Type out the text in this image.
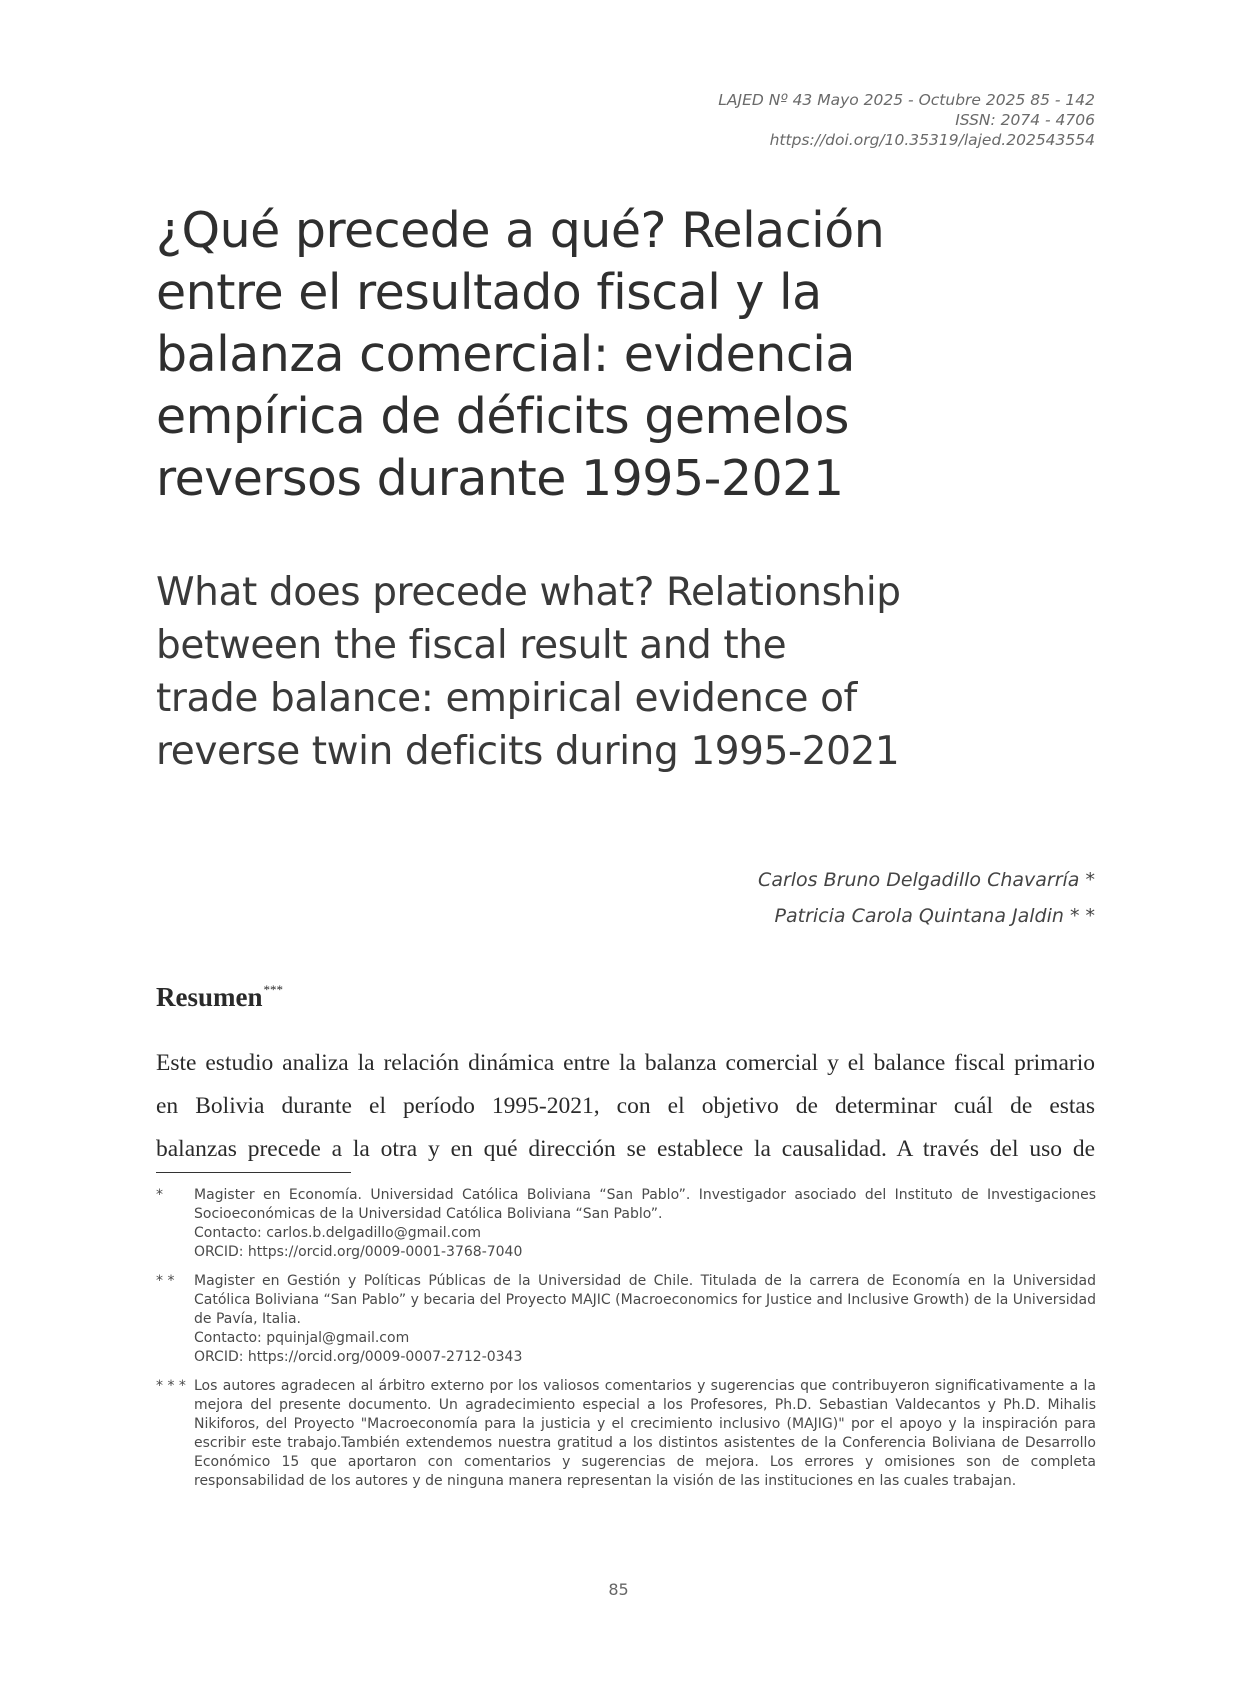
LAJED Nº 43 Mayo 2025 - Octubre 2025 85 - 142
ISSN: 2074 - 4706
https://doi.org/10.35319/lajed.202543554
¿Qué precede a qué? Relación
entre el resultado fiscal y la
balanza comercial: evidencia
empírica de déficits gemelos
reversos durante 1995-2021
What does precede what? Relationship
between the fiscal result and the
trade balance: empirical evidence of
reverse twin deficits during 1995-2021
Carlos Bruno Delgadillo Chavarría *
Patricia Carola Quintana Jaldin * *
Resumen***
Este estudio analiza la relación dinámica entre la balanza comercial y el balance fiscal primario
en Bolivia durante el período 1995-2021, con el objetivo de determinar cuál de estas
balanzas precede a la otra y en qué dirección se establece la causalidad. A través del uso de
*	Magister en Economía. Universidad Católica Boliviana “San Pablo”. Investigador asociado del Instituto de Investigaciones Socioeconómicas de la Universidad Católica Boliviana “San Pablo”.

Contacto: carlos.b.delgadillo@gmail.com

ORCID: https://orcid.org/0009-0001-3768-7040

* *	Magister en Gestión y Políticas Públicas de la Universidad de Chile. Titulada de la carrera de Economía en la Universidad Católica Boliviana “San Pablo” y becaria del Proyecto MAJIC (Macroeconomics for Justice and Inclusive Growth) de la Universidad de Pavía, Italia.

Contacto: pquinjal@gmail.com

ORCID: https://orcid.org/0009-0007-2712-0343

* * * Los autores agradecen al árbitro externo por los valiosos comentarios y sugerencias que contribuyeron significativamente a la mejora del presente documento. Un agradecimiento especial a los Profesores, Ph.D. Sebastian Valdecantos y Ph.D. Mihalis Nikiforos, del Proyecto "Macroeconomía para la justicia y el crecimiento inclusivo (MAJIG)" por el apoyo y la inspiración para escribir este trabajo.También extendemos nuestra gratitud a los distintos asistentes de la Conferencia Boliviana de Desarrollo Económico 15 que aportaron con comentarios y sugerencias de mejora. Los errores y omisiones son de completa responsabilidad de los autores y de ninguna manera representan la visión de las instituciones en las cuales trabajan.

85
